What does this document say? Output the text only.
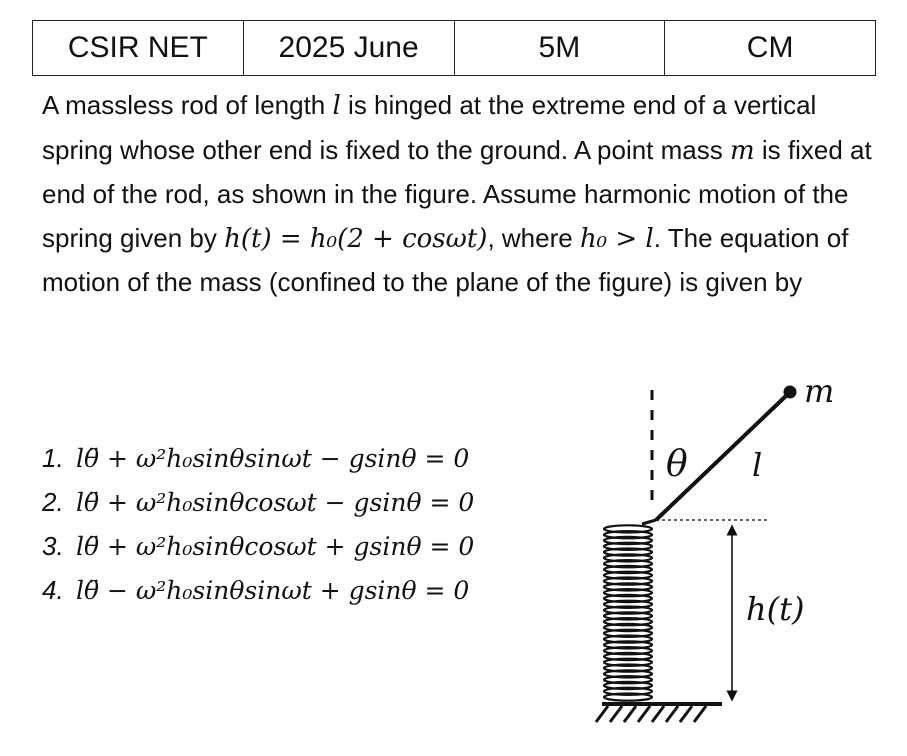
CSIR NET	2025 June	5M	CM

A massless rod of length l is hinged at the extreme end of a vertical spring whose other end is fixed to the ground. A point mass m is fixed at end of the rod, as shown in the figure. Assume harmonic motion of the spring given by h(t) = h₀(2 + cosωt), where h₀ > l. The equation of motion of the mass (confined to the plane of the figure) is given by

1. lθ̈ + ω²h₀sinθsinωt − gsinθ = 0
2. lθ̈ + ω²h₀sinθcosωt − gsinθ = 0
3. lθ̈ + ω²h₀sinθcosωt + gsinθ = 0
4. lθ̈ − ω²h₀sinθsinωt + gsinθ = 0
m
θ l
h(t)
